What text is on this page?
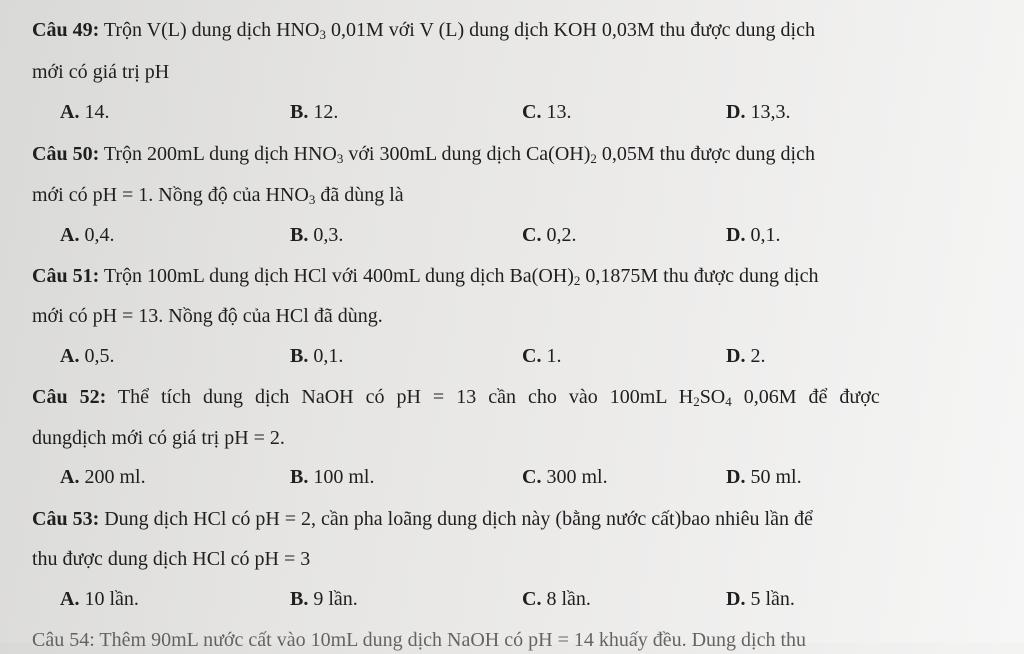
Câu 49: Trộn V(L) dung dịch $HNO_3$ 0,01M với V (L) dung dịch KOH 0,03M thu được dung dịch
mới có giá trị pH
A. 14.	B. 12.	C. 13.	D. 13,3.
Câu 50: Trộn 200mL dung dịch $HNO_3$ với 300mL dung dịch $Ca(OH)_2$ 0,05M thu được dung dịch
mới có pH = 1. Nồng độ của $HNO_3$ đã dùng là
A. 0,4.	B. 0,3.	C. 0,2.	D. 0,1.
Câu 51: Trộn 100mL dung dịch HCl với 400mL dung dịch $Ba(OH)_2$ 0,1875M thu được dung dịch
mới có pH = 13. Nồng độ của HCl đã dùng.
A. 0,5.	B. 0,1.	C. 1.	D. 2.
Câu 52: Thể tích dung dịch NaOH có pH = 13 cần cho vào 100mL $H_2SO_4$ 0,06M để được
dungdịch mới có giá trị pH = 2.
A. 200 ml.	B. 100 ml.	C. 300 ml.	D. 50 ml.
Câu 53: Dung dịch HCl có pH = 2, cần pha loãng dung dịch này (bằng nước cất)bao nhiêu lần để
thu được dung dịch HCl có pH = 3
A. 10 lần.	B. 9 lần.	C. 8 lần.	D. 5 lần.
Câu 54: Thêm 90mL nước cất vào 10mL dung dịch NaOH có pH = 14 khuấy đều. Dung dịch thu
